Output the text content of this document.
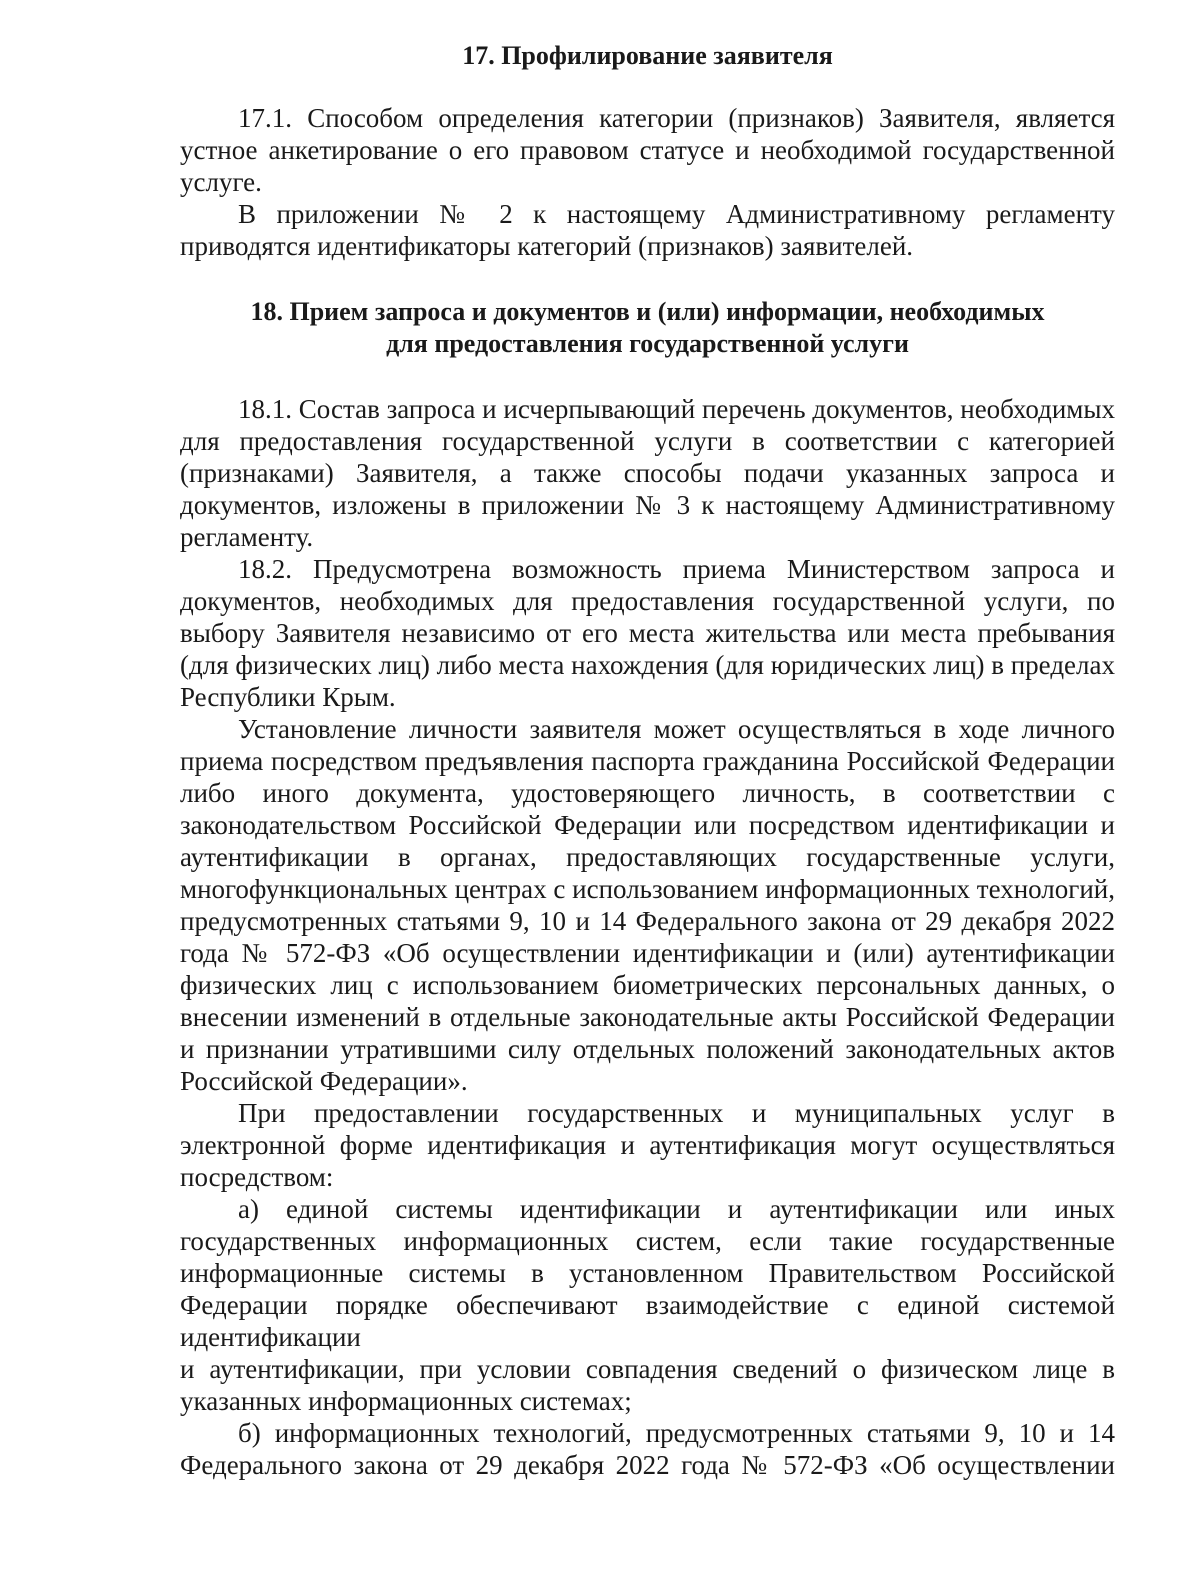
17. Профилирование заявителя

17.1. Способом определения категории (признаков) Заявителя, является устное анкетирование о его правовом статусе и необходимой государственной услуге.

В приложении № 2 к настоящему Административному регламенту приводятся идентификаторы категорий (признаков) заявителей.

18. Прием запроса и документов и (или) информации, необходимых

для предоставления государственной услуги

18.1. Состав запроса и исчерпывающий перечень документов, необходимых для предоставления государственной услуги в соответствии с категорией (признаками) Заявителя, а также способы подачи указанных запроса и документов, изложены в приложении № 3 к настоящему Административному регламенту.

18.2. Предусмотрена возможность приема Министерством запроса и документов, необходимых для предоставления государственной услуги, по выбору Заявителя независимо от его места жительства или места пребывания (для физических лиц) либо места нахождения (для юридических лиц) в пределах Республики Крым.

Установление личности заявителя может осуществляться в ходе личного приема посредством предъявления паспорта гражданина Российской Федерации либо иного документа, удостоверяющего личность, в соответствии с законодательством Российской Федерации или посредством идентификации и аутентификации в органах, предоставляющих государственные услуги, многофункциональных центрах с использованием информационных технологий, предусмотренных статьями 9, 10 и 14 Федерального закона от 29 декабря 2022 года № 572-ФЗ «Об осуществлении идентификации и (или) аутентификации физических лиц с использованием биометрических персональных данных, о внесении изменений в отдельные законодательные акты Российской Федерации и признании утратившими силу отдельных положений законодательных актов Российской Федерации».

При предоставлении государственных и муниципальных услуг в электронной форме идентификация и аутентификация могут осуществляться посредством:

а) единой системы идентификации и аутентификации или иных государственных информационных систем, если такие государственные информационные системы в установленном Правительством Российской Федерации порядке обеспечивают взаимодействие с единой системой идентификации

и аутентификации, при условии совпадения сведений о физическом лице в указанных информационных системах;

б) информационных технологий, предусмотренных статьями 9, 10 и 14 Федерального закона от 29 декабря 2022 года № 572-ФЗ «Об осуществлении
